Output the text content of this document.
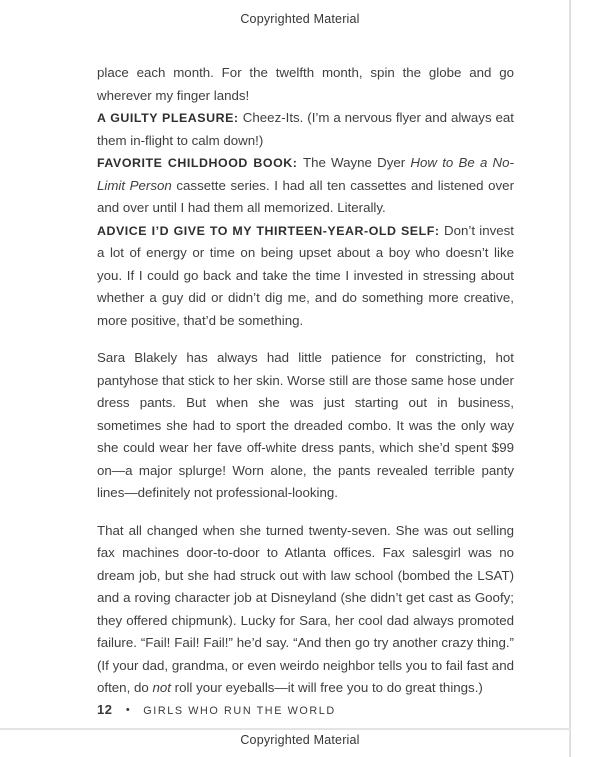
Copyrighted Material

place each month. For the twelfth month, spin the globe and go wherever my finger lands!

A GUILTY PLEASURE: Cheez-Its. (I’m a nervous flyer and always eat them in-flight to calm down!)

FAVORITE CHILDHOOD BOOK: The Wayne Dyer How to Be a No-Limit Person cassette series. I had all ten cassettes and listened over and over until I had them all memorized. Literally.

ADVICE I’D GIVE TO MY THIRTEEN-YEAR-OLD SELF: Don’t invest a lot of energy or time on being upset about a boy who doesn’t like you. If I could go back and take the time I invested in stressing about whether a guy did or didn’t dig me, and do something more creative, more positive, that’d be something.

Sara Blakely has always had little patience for constricting, hot pantyhose that stick to her skin. Worse still are those same hose under dress pants. But when she was just starting out in business, sometimes she had to sport the dreaded combo. It was the only way she could wear her fave off-white dress pants, which she’d spent $99 on—a major splurge! Worn alone, the pants revealed terrible panty lines—definitely not professional-looking.

That all changed when she turned twenty-seven. She was out selling fax machines door-to-door to Atlanta offices. Fax salesgirl was no dream job, but she had struck out with law school (bombed the LSAT) and a roving character job at Disneyland (she didn’t get cast as Goofy; they offered chipmunk). Lucky for Sara, her cool dad always promoted failure. “Fail! Fail! Fail!” he’d say. “And then go try another crazy thing.” (If your dad, grandma, or even weirdo neighbor tells you to fail fast and often, do not roll your eyeballs—it will free you to do great things.)

12 • GIRLS WHO RUN THE WORLD
Copyrighted Material
